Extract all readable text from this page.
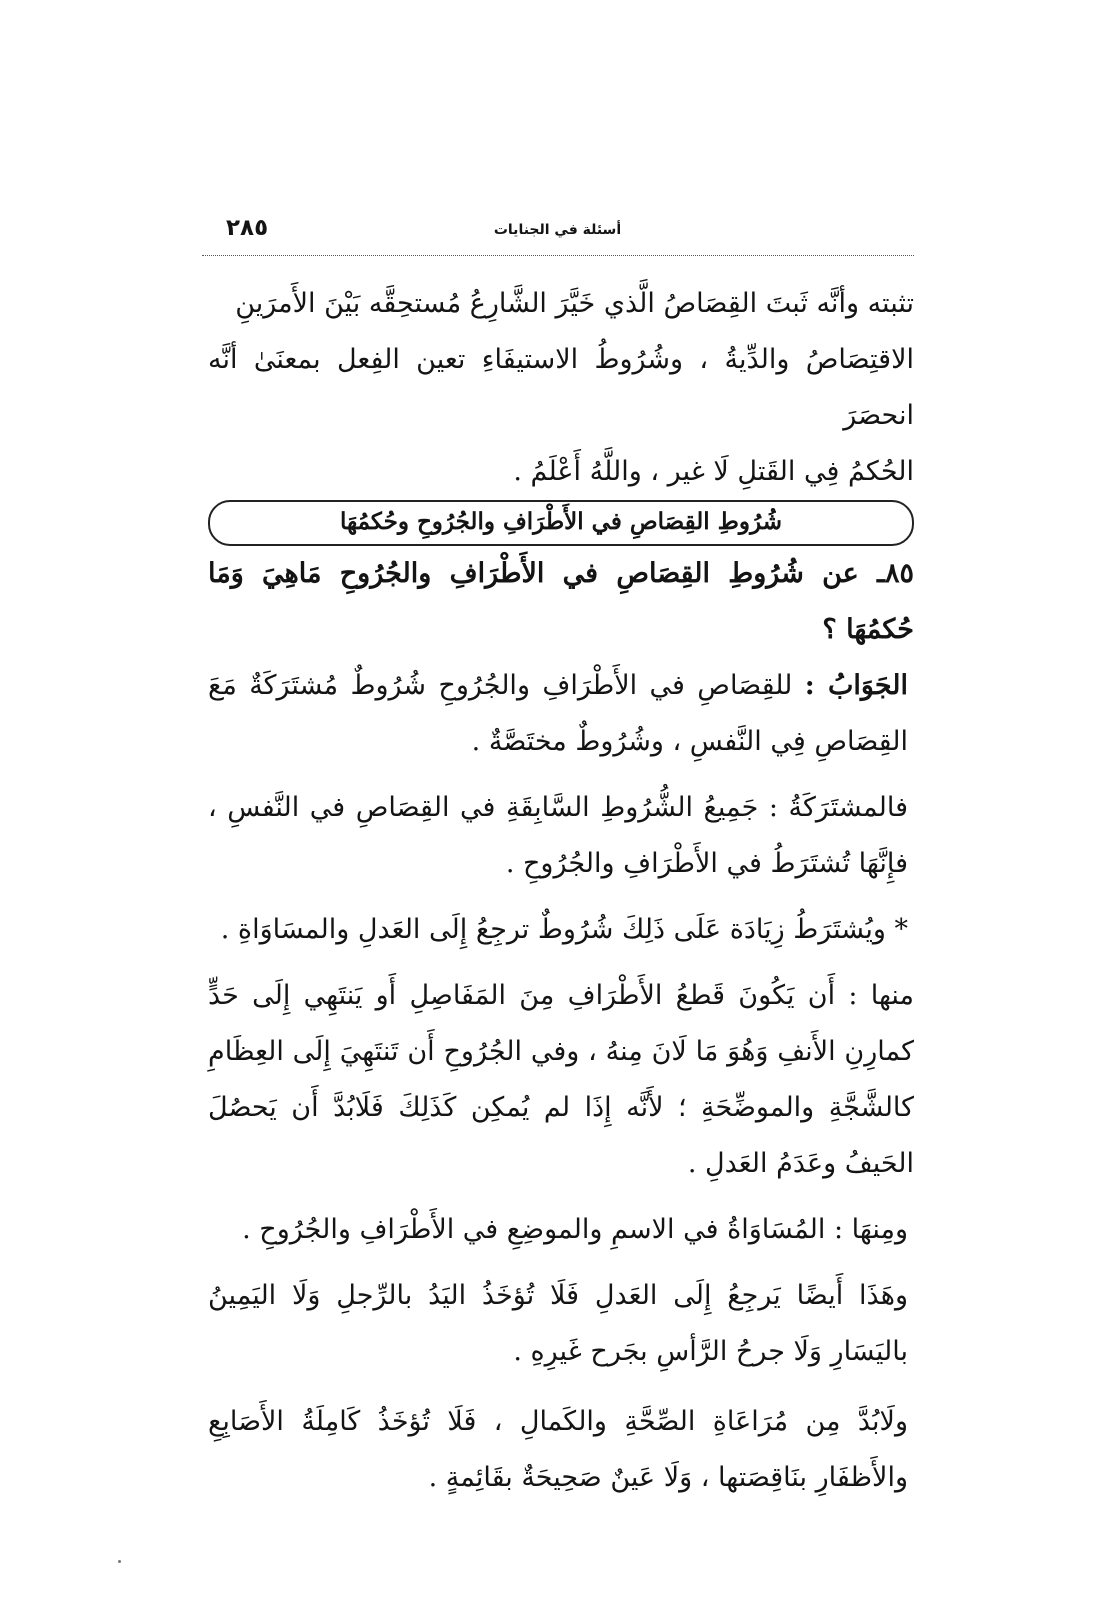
٢٨٥	أسئلة في الجنايات

تثبته وأنَّه ثَبتَ القِصَاصُ الَّذي خَيَّرَ الشَّارِعُ مُستحِقَّه بَيْنَ الأَمرَينِ

الاقتِصَاصُ والدِّيةُ ، وشُرُوطُ الاستيفَاءِ تعين الفِعل بمعنَىٰ أنَّه انحصَرَ

الحُكمُ فِي القَتلِ لَا غير ، واللَّهُ أَعْلَمُ .

شُرُوطِ القِصَاصِ في الأَطْرَافِ والجُرُوحِ وحُكمُهَا

٨٥ـ عن شُرُوطِ القِصَاصِ في الأَطْرَافِ والجُرُوحِ مَاهِيَ وَمَا حُكمُهَا ؟

الجَوَابُ : للقِصَاصِ في الأَطْرَافِ والجُرُوحِ شُرُوطٌ مُشتَرَكَةٌ مَعَ القِصَاصِ فِي النَّفسِ ، وشُرُوطٌ مختَصَّةٌ .

فالمشتَرَكَةُ : جَمِيعُ الشُّرُوطِ السَّابِقَةِ في القِصَاصِ في النَّفسِ ، فإِنَّهَا تُشتَرَطُ في الأَطْرَافِ والجُرُوحِ .

* ويُشتَرَطُ زِيَادَة عَلَى ذَلِكَ شُرُوطٌ ترجِعُ إِلَى العَدلِ والمسَاوَاةِ .

منها : أَن يَكُونَ قَطعُ الأَطْرَافِ مِنَ المَفَاصِلِ أَو يَنتَهِي إِلَى حَدٍّ كمارِنِ الأَنفِ وَهُوَ مَا لَانَ مِنهُ ، وفي الجُرُوحِ أَن تَنتَهِيَ إِلَى العِظَامِ كالشَّجَّةِ والموضِّحَةِ ؛ لأَنَّه إِذَا لم يُمكِن كَذَلِكَ فَلَابُدَّ أَن يَحصُلَ الحَيفُ وعَدَمُ العَدلِ .

ومِنهَا : المُسَاوَاةُ في الاسمِ والموضِعِ في الأَطْرَافِ والجُرُوحِ .

وهَذَا أَيضًا يَرجِعُ إِلَى العَدلِ فَلَا تُؤخَذُ اليَدُ بالرِّجلِ وَلَا اليَمِينُ باليَسَارِ وَلَا جرحُ الرَّأسِ بجَرح غَيرِهِ .

ولَابُدَّ مِن مُرَاعَاةِ الصِّحَّةِ والكَمالِ ، فَلَا تُؤخَذُ كَامِلَةُ الأَصَابِعِ والأَظفَارِ بنَاقِصَتها ، وَلَا عَينٌ صَحِيحَةٌ بقَائِمةٍ .
